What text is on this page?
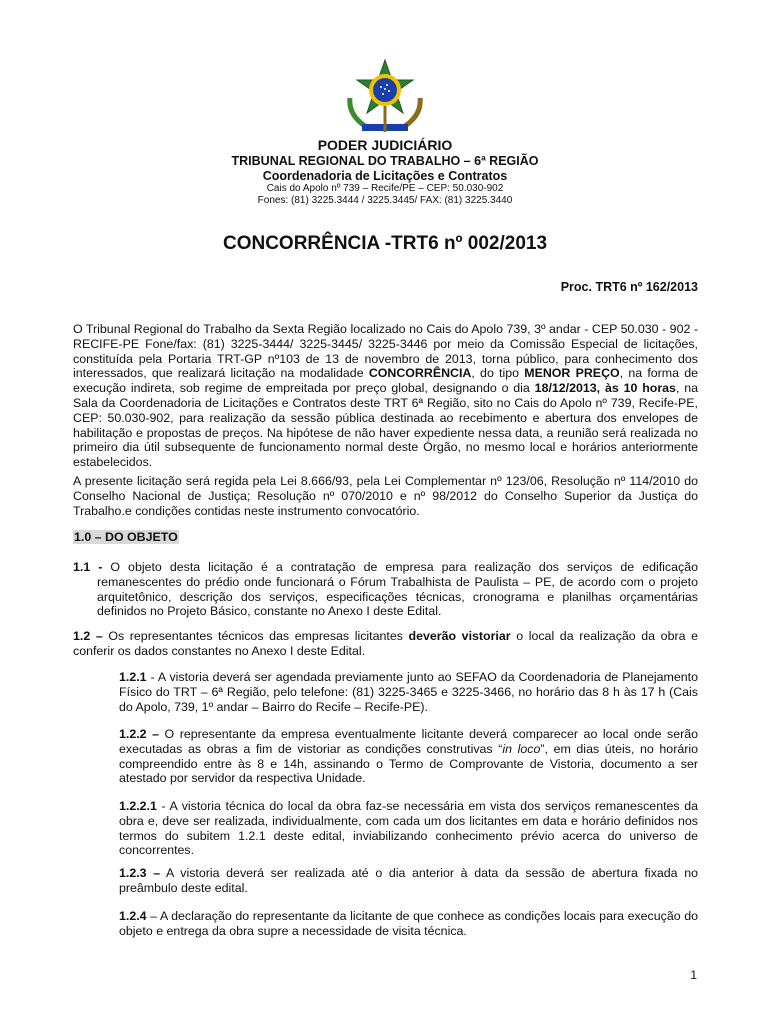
PODER JUDICIÁRIO
TRIBUNAL REGIONAL DO TRABALHO – 6ª REGIÃO
Coordenadoria de Licitações e Contratos
Cais do Apolo nº 739 – Recife/PE – CEP: 50.030-902
Fones: (81) 3225.3444 / 3225.3445/ FAX: (81) 3225.3440
CONCORRÊNCIA -TRT6 nº 002/2013
Proc. TRT6 nº 162/2013
O Tribunal Regional do Trabalho da Sexta Região localizado no Cais do Apolo 739, 3º andar - CEP 50.030 - 902 - RECIFE-PE Fone/fax: (81) 3225-3444/ 3225-3445/ 3225-3446 por meio da Comissão Especial de licitações, constituída pela Portaria TRT-GP nº103 de 13 de novembro de 2013, torna público, para conhecimento dos interessados, que realizará licitação na modalidade CONCORRÊNCIA, do tipo MENOR PREÇO, na forma de execução indireta, sob regime de empreitada por preço global, designando o dia 18/12/2013, às 10 horas, na Sala da Coordenadoria de Licitações e Contratos deste TRT 6ª Região, sito no Cais do Apolo nº 739, Recife-PE, CEP: 50.030-902, para realização da sessão pública destinada ao recebimento e abertura dos envelopes de habilitação e propostas de preços. Na hipótese de não haver expediente nessa data, a reunião será realizada no primeiro dia útil subsequente de funcionamento normal deste Órgão, no mesmo local e horários anteriormente estabelecidos.
A presente licitação será regida pela Lei 8.666/93, pela Lei Complementar nº 123/06, Resolução nº 114/2010 do Conselho Nacional de Justiça; Resolução nº 070/2010 e nº 98/2012 do Conselho Superior da Justiça do Trabalho.e condições contidas neste instrumento convocatório.
1.0 – DO OBJETO
1.1 - O objeto desta licitação é a contratação de empresa para realização dos serviços de edificação remanescentes do prédio onde funcionará o Fórum Trabalhista de Paulista – PE, de acordo com o projeto arquitetônico, descrição dos serviços, especificações técnicas, cronograma e planilhas orçamentárias definidos no Projeto Básico, constante no Anexo I deste Edital.
1.2 – Os representantes técnicos das empresas licitantes deverão vistoriar o local da realização da obra e conferir os dados constantes no Anexo I deste Edital.
1.2.1 - A vistoria deverá ser agendada previamente junto ao SEFAO da Coordenadoria de Planejamento Físico do TRT – 6ª Região, pelo telefone: (81) 3225-3465 e 3225-3466, no horário das 8 h às 17 h (Cais do Apolo, 739, 1º andar – Bairro do Recife – Recife-PE).
1.2.2 – O representante da empresa eventualmente licitante deverá comparecer ao local onde serão executadas as obras a fim de vistoriar as condições construtivas “in loco”, em dias úteis, no horário compreendido entre às 8 e 14h, assinando o Termo de Comprovante de Vistoria, documento a ser atestado por servidor da respectiva Unidade.
1.2.2.1 - A vistoria técnica do local da obra faz-se necessária em vista dos serviços remanescentes da obra e, deve ser realizada, individualmente, com cada um dos licitantes em data e horário definidos nos termos do subitem 1.2.1 deste edital, inviabilizando conhecimento prévio acerca do universo de concorrentes.
1.2.3 – A vistoria deverá ser realizada até o dia anterior à data da sessão de abertura fixada no preâmbulo deste edital.
1.2.4 – A declaração do representante da licitante de que conhece as condições locais para execução do objeto e entrega da obra supre a necessidade de visita técnica.
1
